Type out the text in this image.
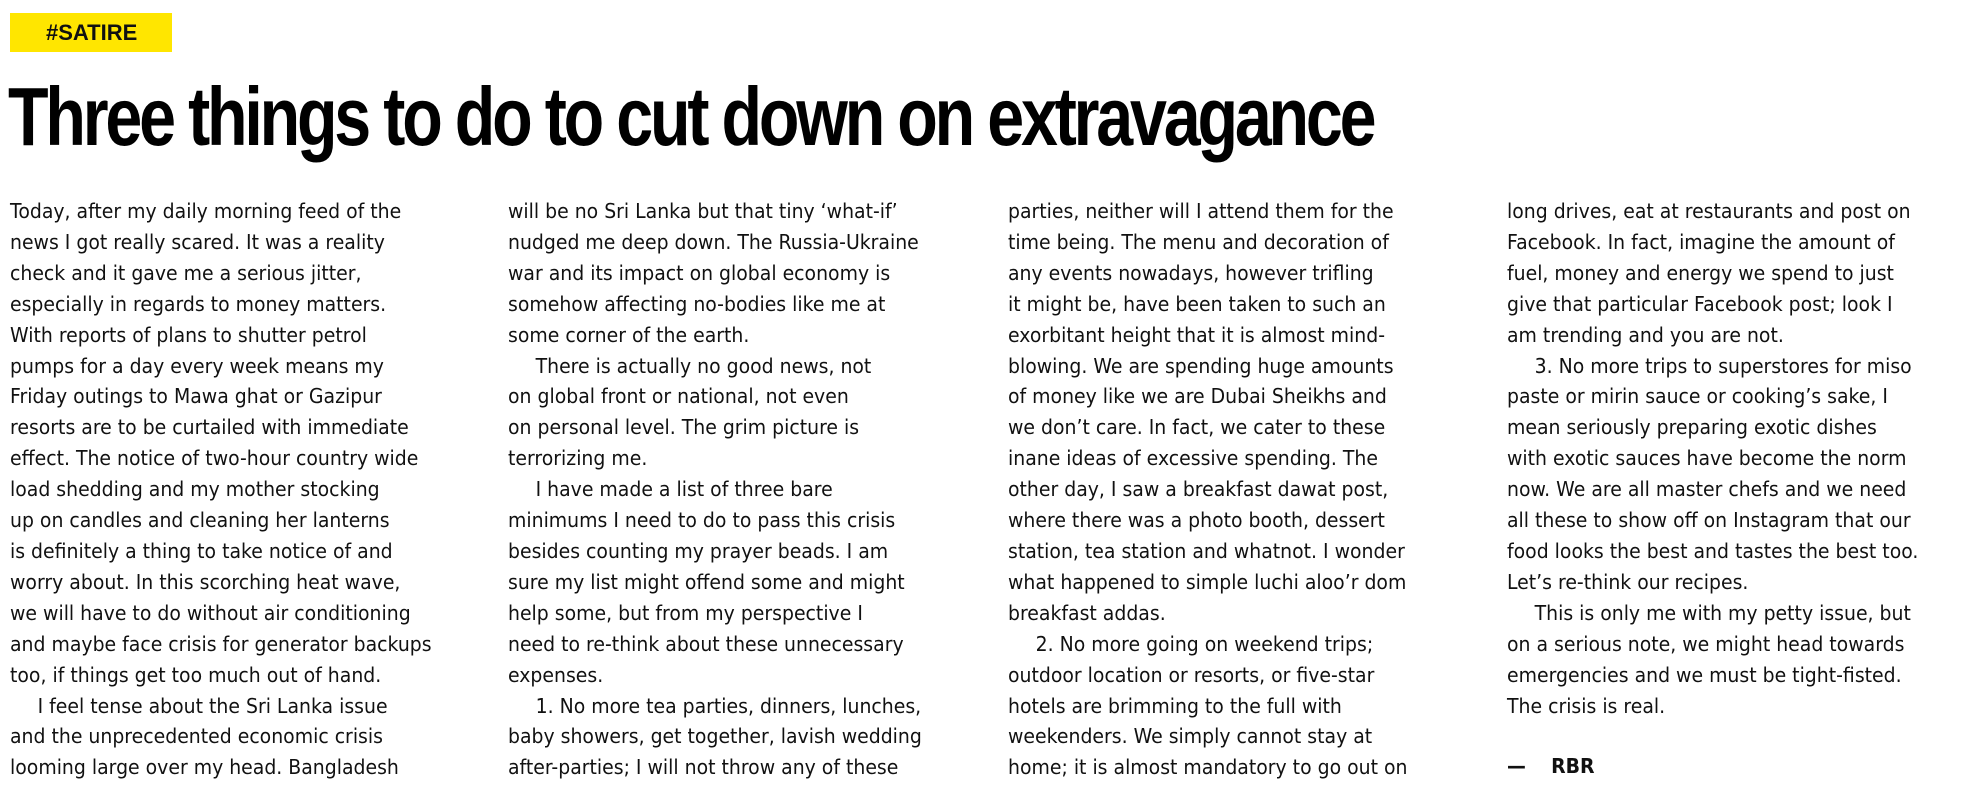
#SATIRE
Three things to do to cut down on extravagance

Today, after my daily morning feed of the
news I got really scared. It was a reality
check and it gave me a serious jitter,
especially in regards to money matters.
With reports of plans to shutter petrol
pumps for a day every week means my
Friday outings to Mawa ghat or Gazipur
resorts are to be curtailed with immediate
effect. The notice of two-hour country wide
load shedding and my mother stocking
up on candles and cleaning her lanterns
is definitely a thing to take notice of and
worry about. In this scorching heat wave,
we will have to do without air conditioning
and maybe face crisis for generator backups
too, if things get too much out of hand.

I feel tense about the Sri Lanka issue
and the unprecedented economic crisis
looming large over my head. Bangladesh

will be no Sri Lanka but that tiny ‘what-if’
nudged me deep down. The Russia-Ukraine
war and its impact on global economy is
somehow affecting no-bodies like me at
some corner of the earth.

There is actually no good news, not
on global front or national, not even
on personal level. The grim picture is
terrorizing me.

I have made a list of three bare
minimums I need to do to pass this crisis
besides counting my prayer beads. I am
sure my list might offend some and might
help some, but from my perspective I
need to re-think about these unnecessary
expenses.

1. No more tea parties, dinners, lunches,
baby showers, get together, lavish wedding
after-parties; I will not throw any of these

parties, neither will I attend them for the
time being. The menu and decoration of
any events nowadays, however trifling
it might be, have been taken to such an
exorbitant height that it is almost mind-
blowing. We are spending huge amounts
of money like we are Dubai Sheikhs and
we don’t care. In fact, we cater to these
inane ideas of excessive spending. The
other day, I saw a breakfast dawat post,
where there was a photo booth, dessert
station, tea station and whatnot. I wonder
what happened to simple luchi aloo’r dom
breakfast addas.

2. No more going on weekend trips;
outdoor location or resorts, or five-star
hotels are brimming to the full with
weekenders. We simply cannot stay at
home; it is almost mandatory to go out on

long drives, eat at restaurants and post on
Facebook. In fact, imagine the amount of
fuel, money and energy we spend to just
give that particular Facebook post; look I
am trending and you are not.

3. No more trips to superstores for miso
paste or mirin sauce or cooking’s sake, I
mean seriously preparing exotic dishes
with exotic sauces have become the norm
now. We are all master chefs and we need
all these to show off on Instagram that our
food looks the best and tastes the best too.
Let’s re-think our recipes.

This is only me with my petty issue, but
on a serious note, we might head towards
emergencies and we must be tight-fisted.
The crisis is real.

— RBR
